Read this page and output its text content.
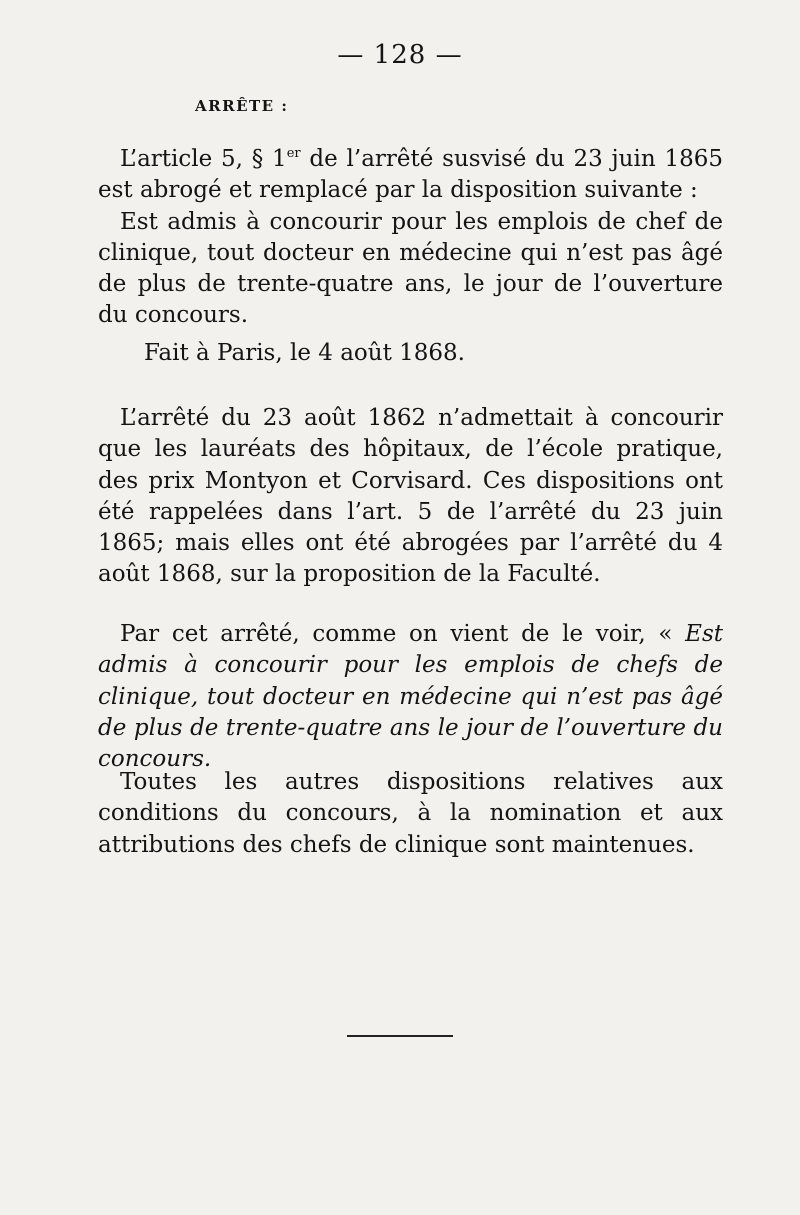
— 128 —
ARRÊTE :

L’article 5, § 1er de l’arrêté susvisé du 23 juin 1865 est abrogé et remplacé par la disposition suivante :

Est admis à concourir pour les emplois de chef de clinique, tout docteur en médecine qui n’est pas âgé de plus de trente-quatre ans, le jour de l’ouverture du concours.

Fait à Paris, le 4 août 1868.

L’arrêté du 23 août 1862 n’admettait à concourir que les lauréats des hôpitaux, de l’école pratique, des prix Montyon et Corvisard. Ces dispositions ont été rappelées dans l’art. 5 de l’arrêté du 23 juin 1865; mais elles ont été abrogées par l’arrêté du 4 août 1868, sur la proposition de la Faculté.

Par cet arrêté, comme on vient de le voir, « Est admis à concourir pour les emplois de chefs de clinique, tout docteur en médecine qui n’est pas âgé de plus de trente-quatre ans le jour de l’ouverture du concours.

Toutes les autres dispositions relatives aux conditions du concours, à la nomination et aux attributions des chefs de clinique sont maintenues.
